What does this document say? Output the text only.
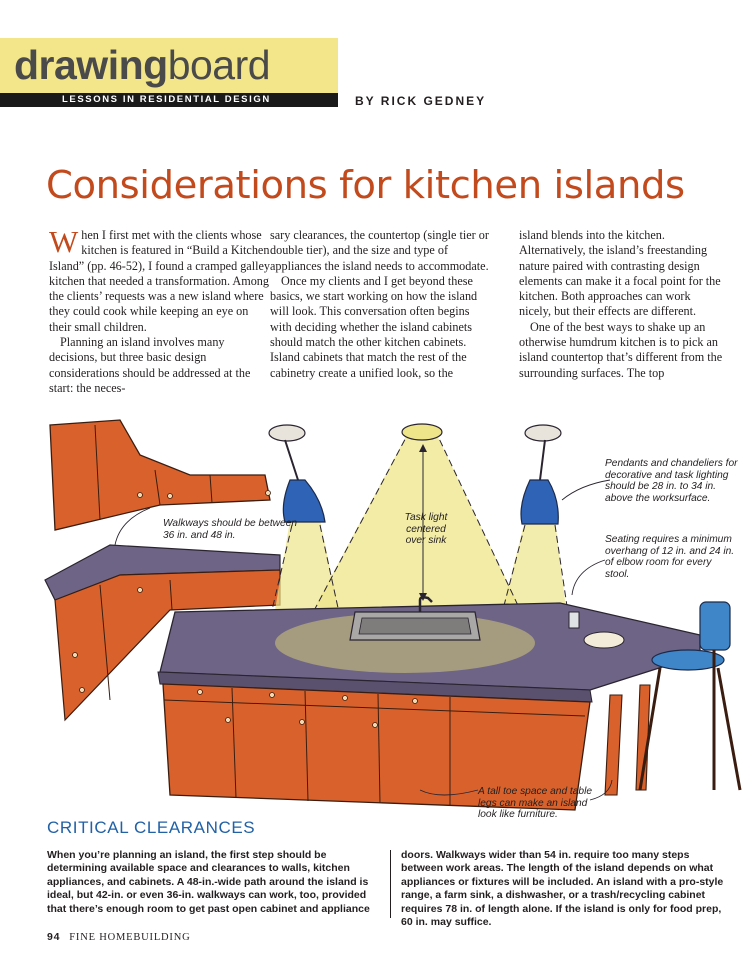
drawingboard
LESSONS IN RESIDENTIAL DESIGN	BY RICK GEDNEY
Considerations for kitchen islands

When I first met with the clients whose kitchen is featured in “Build a Kitchen Island” (pp. 46-52), I found a cramped galley kitchen that needed a transformation. Among the clients’ requests was a new island where they could cook while keeping an eye on their small children.

Planning an island involves many decisions, but three basic design considerations should be addressed at the start: the neces-

sary clearances, the countertop (single tier or double tier), and the size and type of appliances the island needs to accommodate.

Once my clients and I get beyond these basics, we start working on how the island will look. This conversation often begins with deciding whether the island cabinets should match the other kitchen cabinets. Island cabinets that match the rest of the cabinetry create a unified look, so the

island blends into the kitchen. Alternatively, the island’s freestanding nature paired with contrasting design elements can make it a focal point for the kitchen. Both approaches can work nicely, but their effects are different.

One of the best ways to shake up an otherwise humdrum kitchen is to pick an island countertop that’s different from the surrounding surfaces. The top

Walkways should be between 36 in. and 48 in.
Task light centered over sink
Pendants and chandeliers for decorative and task lighting should be 28 in. to 34 in. above the worksurface.
Seating requires a minimum overhang of 12 in. and 24 in. of elbow room for every stool.
A tall toe space and table legs can make an island look like furniture.
CRITICAL CLEARANCES
When you’re planning an island, the first step should be determining available space and clearances to walls, kitchen appliances, and cabinets. A 48-in.-wide path around the island is ideal, but 42-in. or even 36-in. walkways can work, too, provided that there’s enough room to get past open cabinet and appliance
doors. Walkways wider than 54 in. require too many steps between work areas. The length of the island depends on what appliances or fixtures will be included. An island with a pro-style range, a farm sink, a dishwasher, or a trash/recycling cabinet requires 78 in. of length alone. If the island is only for food prep, 60 in. may suffice.
94 FINE HOMEBUILDING
